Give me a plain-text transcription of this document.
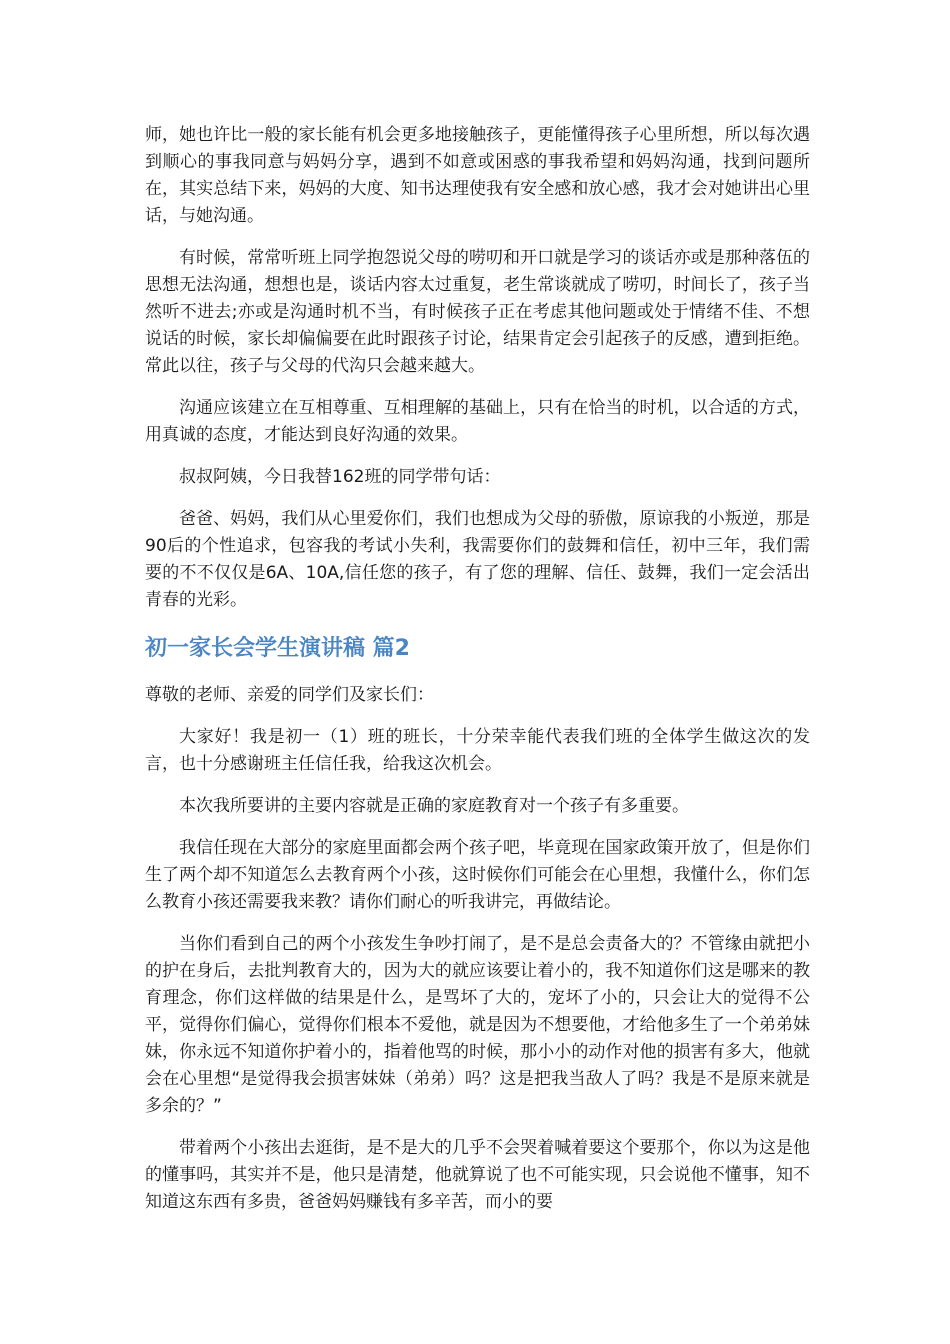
师，她也许比一般的家长能有机会更多地接触孩子，更能懂得孩子心里所想，所以每次遇到顺心的事我同意与妈妈分享，遇到不如意或困惑的事我希望和妈妈沟通，找到问题所在，其实总结下来，妈妈的大度、知书达理使我有安全感和放心感，我才会对她讲出心里话，与她沟通。

有时候，常常听班上同学抱怨说父母的唠叨和开口就是学习的谈话亦或是那种落伍的思想无法沟通，想想也是，谈话内容太过重复，老生常谈就成了唠叨，时间长了，孩子当然听不进去;亦或是沟通时机不当，有时候孩子正在考虑其他问题或处于情绪不佳、不想说话的时候，家长却偏偏要在此时跟孩子讨论，结果肯定会引起孩子的反感，遭到拒绝。常此以往，孩子与父母的代沟只会越来越大。

沟通应该建立在互相尊重、互相理解的基础上，只有在恰当的时机，以合适的方式，用真诚的态度，才能达到良好沟通的效果。

叔叔阿姨，今日我替162班的同学带句话：

爸爸、妈妈，我们从心里爱你们，我们也想成为父母的骄傲，原谅我的小叛逆，那是90后的个性追求，包容我的考试小失利，我需要你们的鼓舞和信任，初中三年，我们需要的不不仅仅是6A、10A,信任您的孩子，有了您的理解、信任、鼓舞，我们一定会活出青春的光彩。

初一家长会学生演讲稿 篇2

尊敬的老师、亲爱的同学们及家长们：

大家好！我是初一（1）班的班长，十分荣幸能代表我们班的全体学生做这次的发言，也十分感谢班主任信任我，给我这次机会。

本次我所要讲的主要内容就是正确的家庭教育对一个孩子有多重要。

我信任现在大部分的家庭里面都会两个孩子吧，毕竟现在国家政策开放了，但是你们生了两个却不知道怎么去教育两个小孩，这时候你们可能会在心里想，我懂什么，你们怎么教育小孩还需要我来教？请你们耐心的听我讲完，再做结论。

当你们看到自己的两个小孩发生争吵打闹了，是不是总会责备大的？不管缘由就把小的护在身后，去批判教育大的，因为大的就应该要让着小的，我不知道你们这是哪来的教育理念，你们这样做的结果是什么，是骂坏了大的，宠坏了小的，只会让大的觉得不公平，觉得你们偏心，觉得你们根本不爱他，就是因为不想要他，才给他多生了一个弟弟妹妹，你永远不知道你护着小的，指着他骂的时候，那小小的动作对他的损害有多大，他就会在心里想“是觉得我会损害妹妹（弟弟）吗？这是把我当敌人了吗？我是不是原来就是多余的？”

带着两个小孩出去逛街，是不是大的几乎不会哭着喊着要这个要那个，你以为这是他的懂事吗，其实并不是，他只是清楚，他就算说了也不可能实现，只会说他不懂事，知不知道这东西有多贵，爸爸妈妈赚钱有多辛苦，而小的要
